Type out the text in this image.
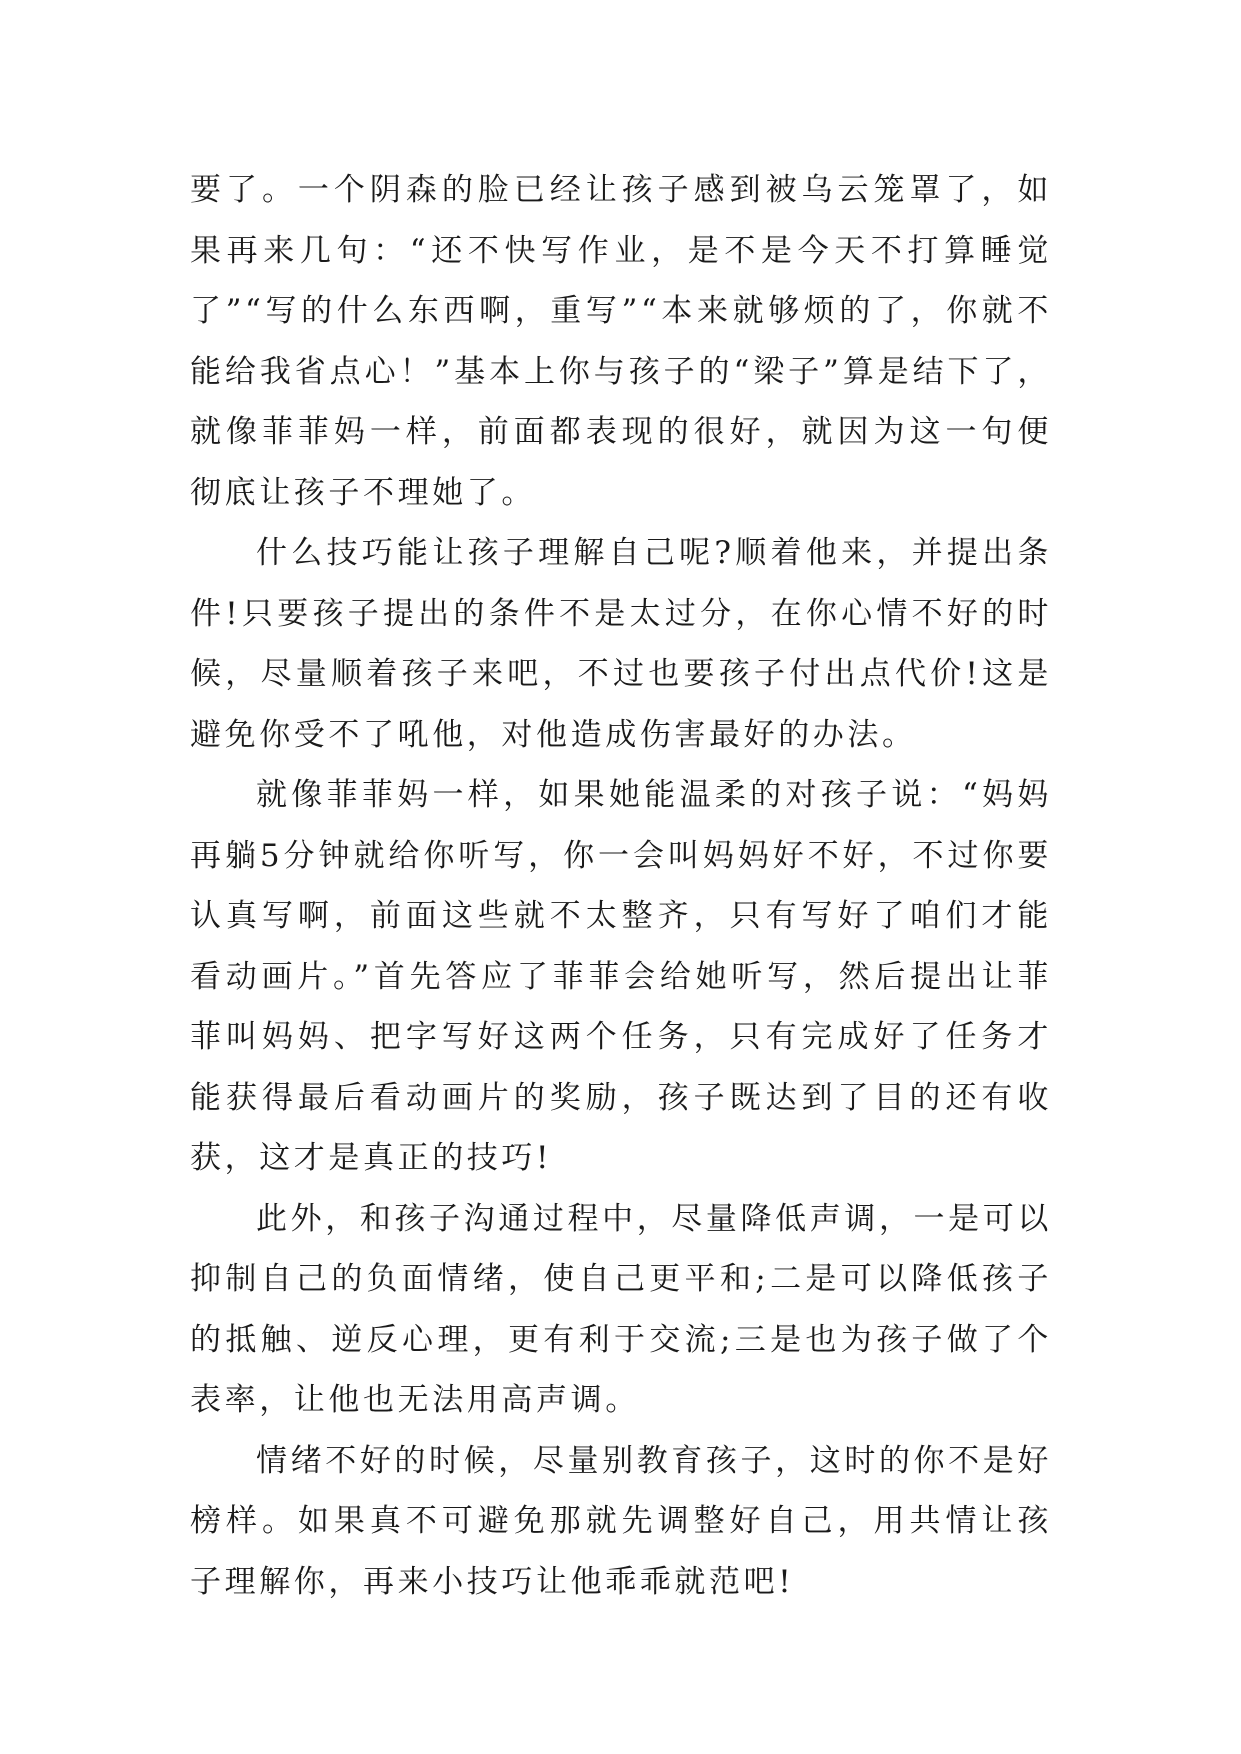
要了。一个阴森的脸已经让孩子感到被乌云笼罩了，如果再来几句：“还不快写作业，是不是今天不打算睡觉了”“写的什么东西啊，重写”“本来就够烦的了，你就不能给我省点心！”基本上你与孩子的“梁子”算是结下了，就像菲菲妈一样，前面都表现的很好，就因为这一句便彻底让孩子不理她了。

什么技巧能让孩子理解自己呢?顺着他来，并提出条件!只要孩子提出的条件不是太过分，在你心情不好的时候，尽量顺着孩子来吧，不过也要孩子付出点代价!这是避免你受不了吼他，对他造成伤害最好的办法。

就像菲菲妈一样，如果她能温柔的对孩子说：“妈妈再躺5分钟就给你听写，你一会叫妈妈好不好，不过你要认真写啊，前面这些就不太整齐，只有写好了咱们才能看动画片。”首先答应了菲菲会给她听写，然后提出让菲菲叫妈妈、把字写好这两个任务，只有完成好了任务才能获得最后看动画片的奖励，孩子既达到了目的还有收获，这才是真正的技巧!

此外，和孩子沟通过程中，尽量降低声调，一是可以抑制自己的负面情绪，使自己更平和;二是可以降低孩子的抵触、逆反心理，更有利于交流;三是也为孩子做了个表率，让他也无法用高声调。

情绪不好的时候，尽量别教育孩子，这时的你不是好榜样。如果真不可避免那就先调整好自己，用共情让孩子理解你，再来小技巧让他乖乖就范吧!
